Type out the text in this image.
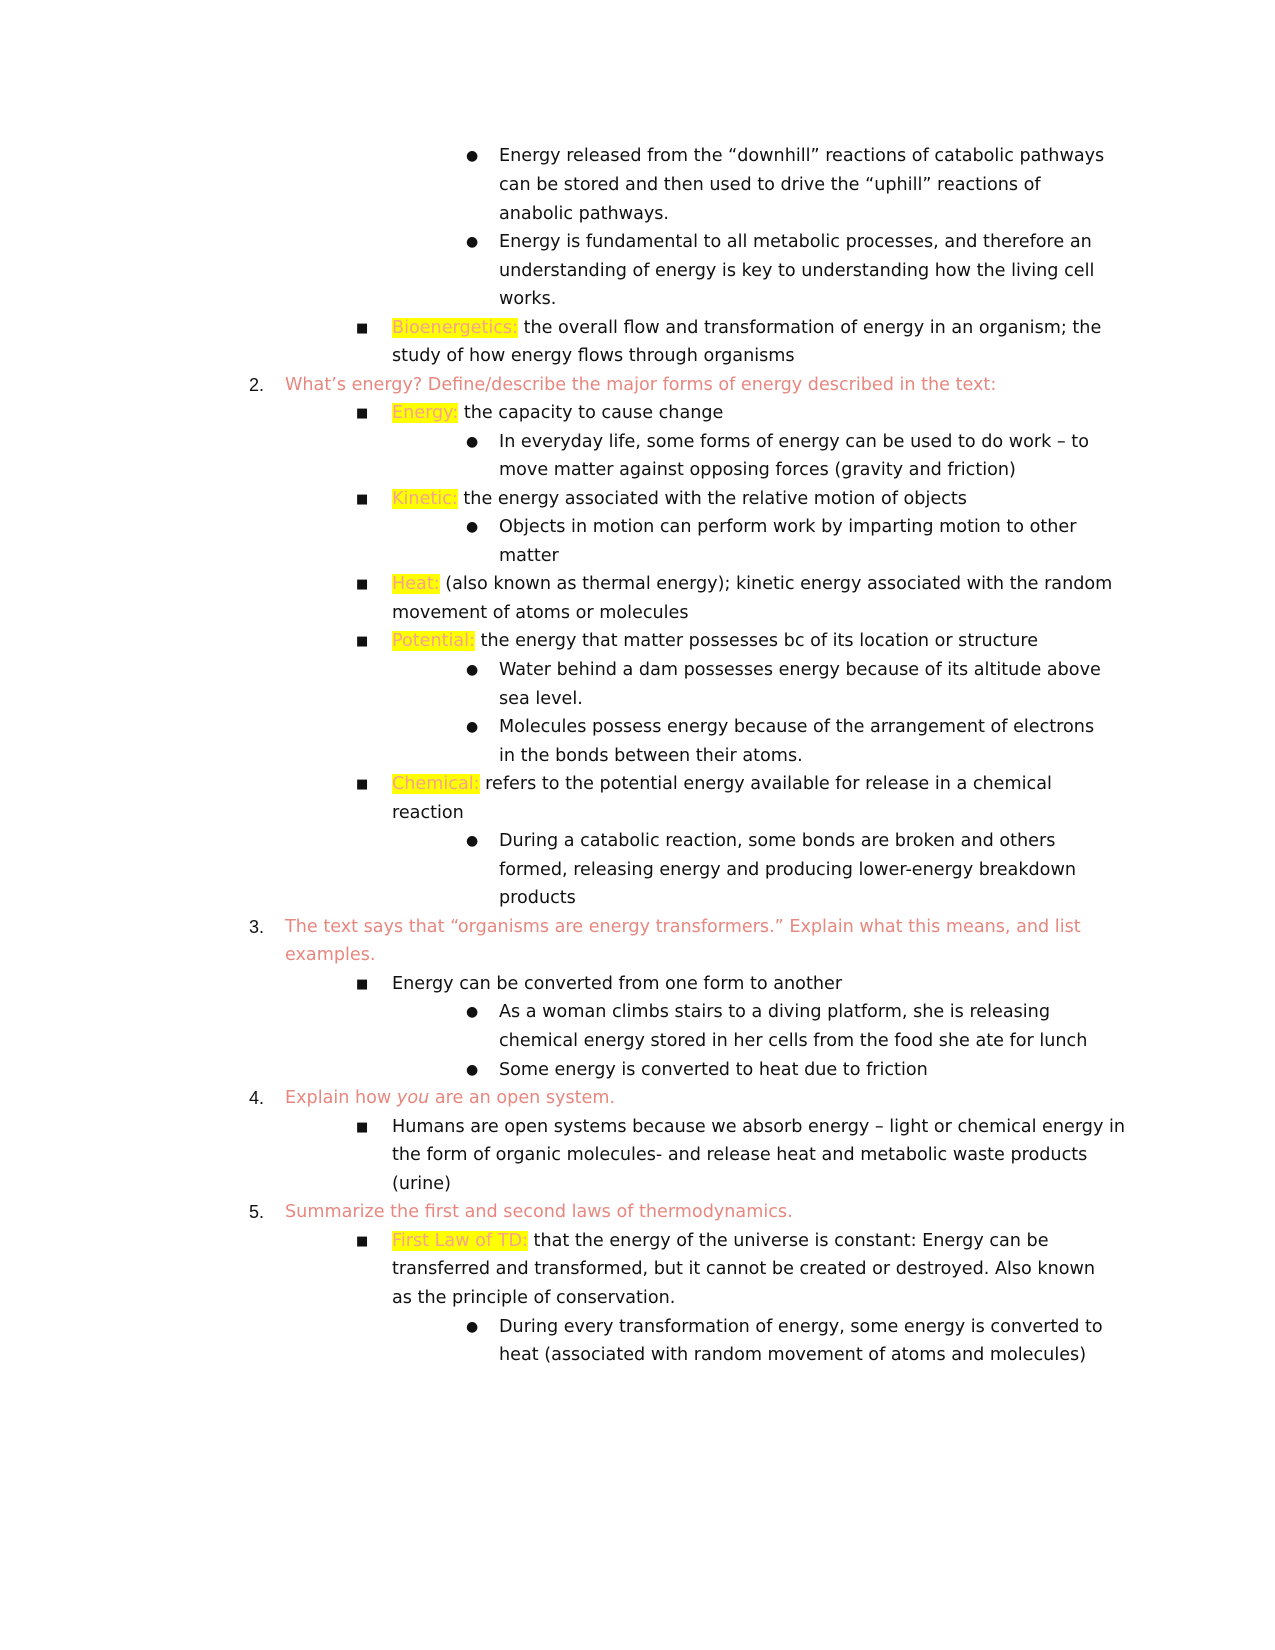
● Energy released from the “downhill” reactions of catabolic pathways
can be stored and then used to drive the “uphill” reactions of
anabolic pathways.
● Energy is fundamental to all metabolic processes, and therefore an
understanding of energy is key to understanding how the living cell
works.
■ Bioenergetics: the overall flow and transformation of energy in an organism; the
study of how energy flows through organisms
2. What’s energy? Define/describe the major forms of energy described in the text:
■ Energy: the capacity to cause change
● In everyday life, some forms of energy can be used to do work – to
move matter against opposing forces (gravity and friction)
■ Kinetic: the energy associated with the relative motion of objects
● Objects in motion can perform work by imparting motion to other
matter
■ Heat: (also known as thermal energy); kinetic energy associated with the random
movement of atoms or molecules
■ Potential: the energy that matter possesses bc of its location or structure
● Water behind a dam possesses energy because of its altitude above
sea level.
● Molecules possess energy because of the arrangement of electrons
in the bonds between their atoms.
■ Chemical: refers to the potential energy available for release in a chemical
reaction
● During a catabolic reaction, some bonds are broken and others
formed, releasing energy and producing lower-energy breakdown
products
3. The text says that “organisms are energy transformers.” Explain what this means, and list
examples.
■ Energy can be converted from one form to another
● As a woman climbs stairs to a diving platform, she is releasing
chemical energy stored in her cells from the food she ate for lunch
● Some energy is converted to heat due to friction
4. Explain how you are an open system.
■ Humans are open systems because we absorb energy – light or chemical energy in
the form of organic molecules- and release heat and metabolic waste products
(urine)
5. Summarize the first and second laws of thermodynamics.
■ First Law of TD: that the energy of the universe is constant: Energy can be
transferred and transformed, but it cannot be created or destroyed. Also known
as the principle of conservation.
● During every transformation of energy, some energy is converted to
heat (associated with random movement of atoms and molecules)
